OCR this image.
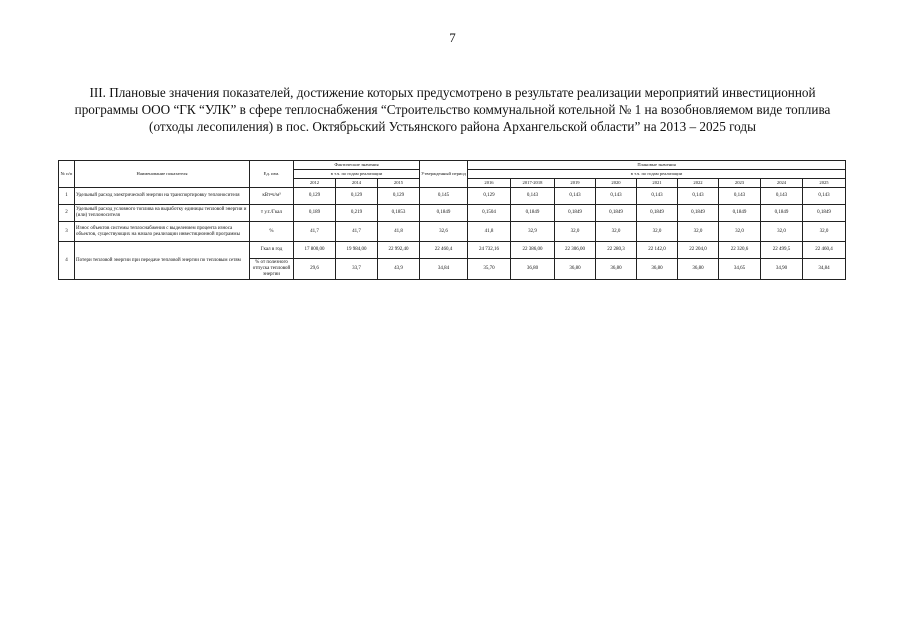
7
III. Плановые значения показателей, достижение которых предусмотрено в результате реализации мероприятий инвестиционной программы ООО “ГК “УЛК” в сфере теплоснабжения “Строительство коммунальной котельной № 1 на возобновляемом виде топлива (отходы лесопиления) в пос. Октябрьский Устьянского района Архангельской области” на 2013 – 2025 годы
№ п/п	Наименование показателя	Ед. изм.	Фактические значения			Утвержденный период	Плановые значения								
			в т.ч. по годам реализации				в т.ч. по годам реализации								
			2012	2014	2015		2016	2017-2018	2019	2020	2021	2022	2023	2024	2025
1	Удельный расход электрической энергии на транспортировку теплоносителя	кВт•ч/м³	0,129	0,129	0,129	0,145	0,129	0,143	0,143	0,143	0,143	0,143	0,143	0,143	0,143
2	Удельный расход условного топлива на выработку единицы тепловой энергии и (или) теплоносителя	т у.т./Гкал	0,189	0,219	0,1853	0,1849	0,1504	0,1849	0,1849	0,1849	0,1849	0,1849	0,1849	0,1849	0,1849
3	Износ объектов системы теплоснабжения с выделением процента износа объектов, существующих на начало реализации инвестиционной программы	%	41,7	41,7	41,8	32,6	41,8	32,9	32,0	32,0	32,0	32,0	32,0	32,0	32,0
4	Потери тепловой энергии при передаче тепловой энергии по тепловым сетям	Гкал в год	17 800,00	19 984,00	22 992,40	22 460,4	24 732,16	22 386,00	22 306,00	22 280,3	22 142,0	22 204,0	22 320,6	22 499,5	22 460,4
		% от полезного отпуска тепловой энергии	29,6	33,7	43,9	34,84	35,70	36,80	36,80	36,80	36,80	36,80	34,65	34,90	34,84
